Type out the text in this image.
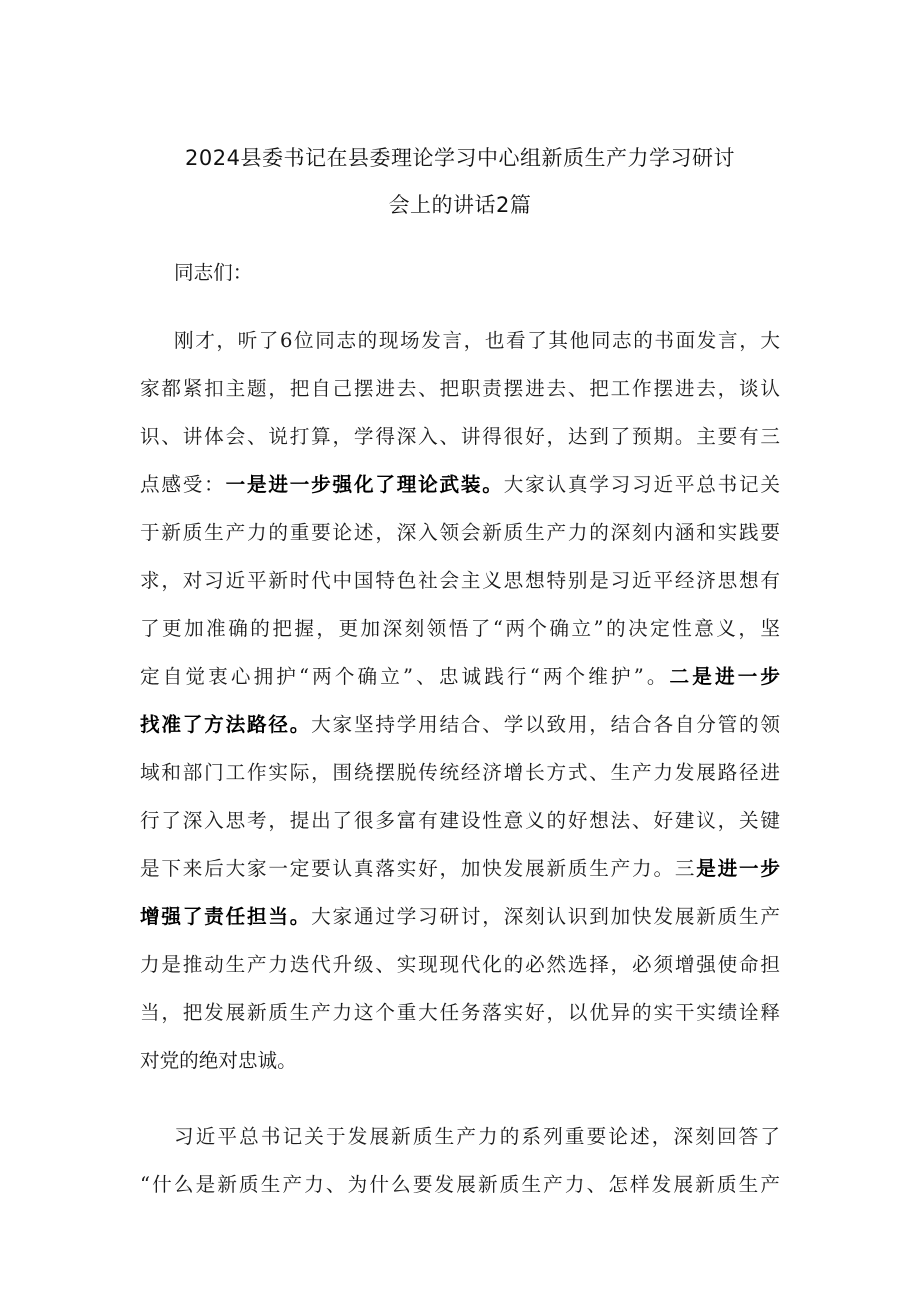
2024县委书记在县委理论学习中心组新质生产力学习研讨
会上的讲话2篇
同志们：
刚才，听了6位同志的现场发言，也看了其他同志的书面发言，大
家都紧扣主题，把自己摆进去、把职责摆进去、把工作摆进去，谈认
识、讲体会、说打算，学得深入、讲得很好，达到了预期。主要有三
点感受：一是进一步强化了理论武装。大家认真学习习近平总书记关
于新质生产力的重要论述，深入领会新质生产力的深刻内涵和实践要
求，对习近平新时代中国特色社会主义思想特别是习近平经济思想有
了更加准确的把握，更加深刻领悟了“两个确立”的决定性意义，坚
定自觉衷心拥护“两个确立”、忠诚践行“两个维护”。二是进一步
找准了方法路径。大家坚持学用结合、学以致用，结合各自分管的领
域和部门工作实际，围绕摆脱传统经济增长方式、生产力发展路径进
行了深入思考，提出了很多富有建设性意义的好想法、好建议，关键
是下来后大家一定要认真落实好，加快发展新质生产力。三是进一步
增强了责任担当。大家通过学习研讨，深刻认识到加快发展新质生产
力是推动生产力迭代升级、实现现代化的必然选择，必须增强使命担
当，把发展新质生产力这个重大任务落实好，以优异的实干实绩诠释
对党的绝对忠诚。
习近平总书记关于发展新质生产力的系列重要论述，深刻回答了
“什么是新质生产力、为什么要发展新质生产力、怎样发展新质生产
